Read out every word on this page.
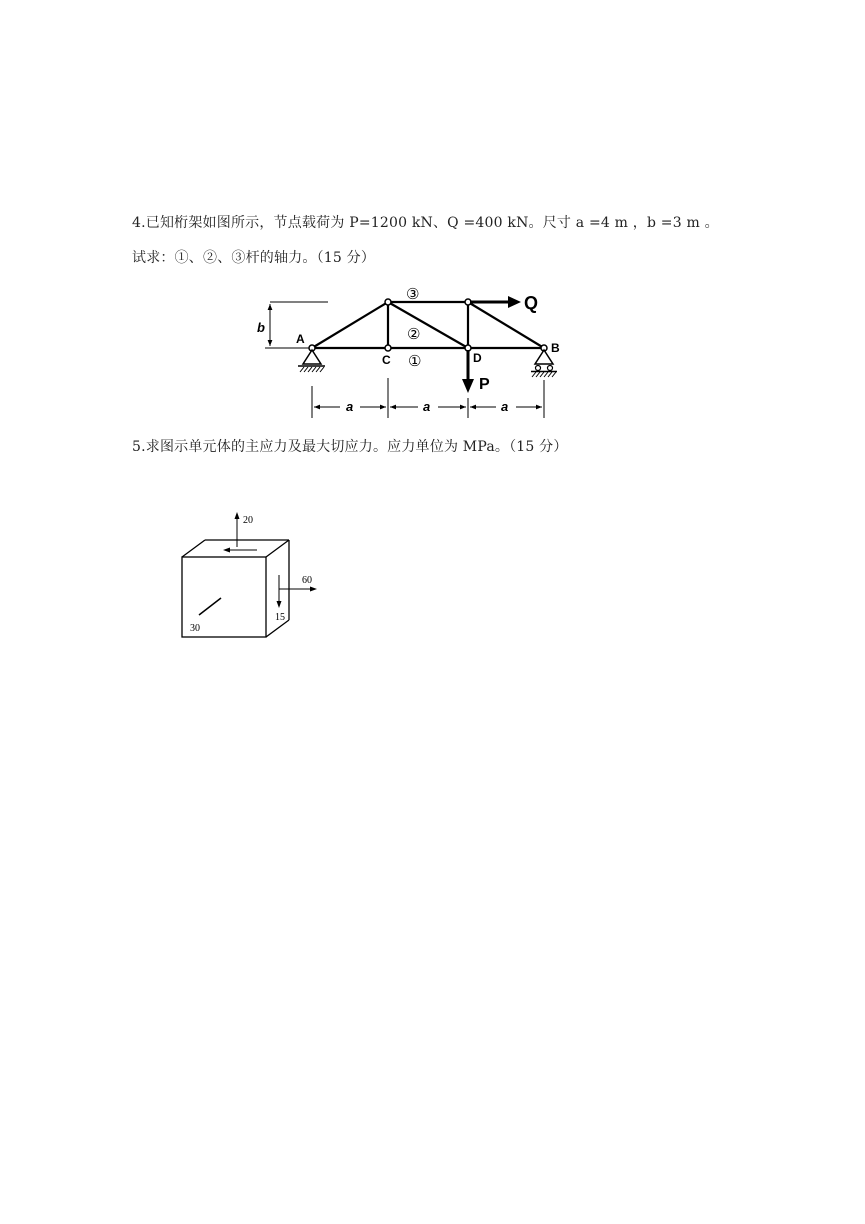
4.已知桁架如图所示，节点载荷为 P=1200 kN、Q =400 kN。尺寸 a =4 m ，b =3 m 。
试求：①、②、③杆的轴力。（15 分）
b
Q
P
A
C	D
B
①
②
③
a	a	a
5.求图示单元体的主应力及最大切应力。应力单位为 MPa。（15 分）
20
60
15
30
